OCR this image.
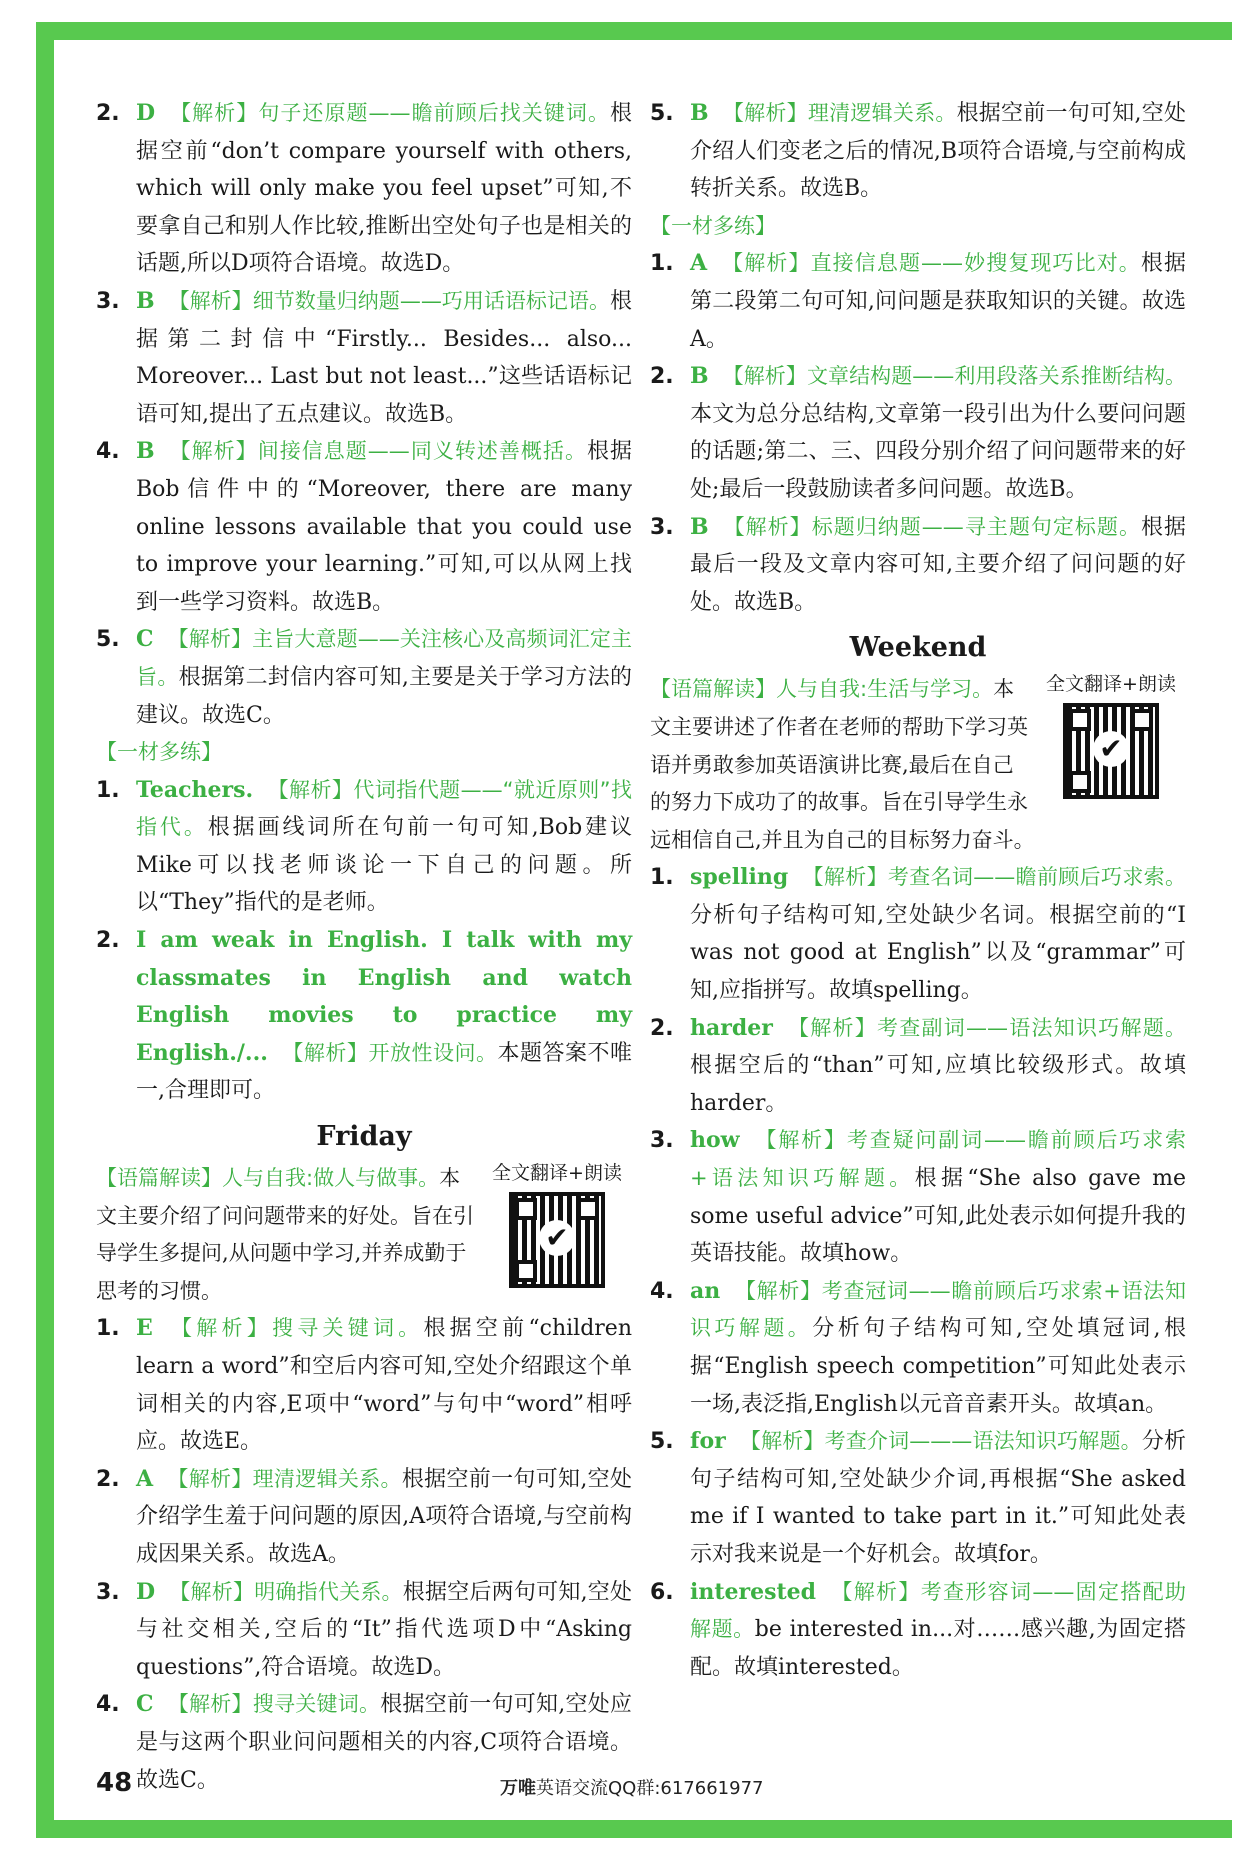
2. D 【解析】句子还原题——瞻前顾后找关键词。根据空前“don’t compare yourself with others, which will only make you feel upset”可知,不要拿自己和别人作比较,推断出空处句子也是相关的话题,所以D项符合语境。故选D。
3. B 【解析】细节数量归纳题——巧用话语标记语。根据第二封信中“Firstly... Besides... also... Moreover... Last but not least...”这些话语标记语可知,提出了五点建议。故选B。
4. B 【解析】间接信息题——同义转述善概括。根据Bob信件中的“Moreover, there are many online lessons available that you could use to improve your learning.”可知,可以从网上找到一些学习资料。故选B。
5. C 【解析】主旨大意题——关注核心及高频词汇定主旨。根据第二封信内容可知,主要是关于学习方法的建议。故选C。
【一材多练】
1. Teachers. 【解析】代词指代题——“就近原则”找指代。根据画线词所在句前一句可知,Bob建议Mike可以找老师谈论一下自己的问题。所以“They”指代的是老师。
2. I am weak in English. I talk with my classmates in English and watch English movies to practice my English./... 【解析】开放性设问。本题答案不唯一,合理即可。
Friday
全文翻译+朗读
✔
【语篇解读】人与自我:做人与做事。本文主要介绍了问问题带来的好处。旨在引导学生多提问,从问题中学习,并养成勤于思考的习惯。
1. E 【解析】搜寻关键词。根据空前“children learn a word”和空后内容可知,空处介绍跟这个单词相关的内容,E项中“word”与句中“word”相呼应。故选E。
2. A 【解析】理清逻辑关系。根据空前一句可知,空处介绍学生羞于问问题的原因,A项符合语境,与空前构成因果关系。故选A。
3. D 【解析】明确指代关系。根据空后两句可知,空处与社交相关,空后的“It”指代选项D中“Asking questions”,符合语境。故选D。
4. C 【解析】搜寻关键词。根据空前一句可知,空处应是与这两个职业问问题相关的内容,C项符合语境。故选C。
5. B 【解析】理清逻辑关系。根据空前一句可知,空处介绍人们变老之后的情况,B项符合语境,与空前构成转折关系。故选B。
【一材多练】
1. A 【解析】直接信息题——妙搜复现巧比对。根据第二段第二句可知,问问题是获取知识的关键。故选A。
2. B 【解析】文章结构题——利用段落关系推断结构。本文为总分总结构,文章第一段引出为什么要问问题的话题;第二、三、四段分别介绍了问问题带来的好处;最后一段鼓励读者多问问题。故选B。
3. B 【解析】标题归纳题——寻主题句定标题。根据最后一段及文章内容可知,主要介绍了问问题的好处。故选B。
Weekend
全文翻译+朗读
✔
【语篇解读】人与自我:生活与学习。本文主要讲述了作者在老师的帮助下学习英语并勇敢参加英语演讲比赛,最后在自己的努力下成功了的故事。旨在引导学生永远相信自己,并且为自己的目标努力奋斗。
1. spelling 【解析】考查名词——瞻前顾后巧求索。分析句子结构可知,空处缺少名词。根据空前的“I was not good at English”以及“grammar”可知,应指拼写。故填spelling。
2. harder 【解析】考查副词——语法知识巧解题。根据空后的“than”可知,应填比较级形式。故填harder。
3. how 【解析】考查疑问副词——瞻前顾后巧求索+语法知识巧解题。根据“She also gave me some useful advice”可知,此处表示如何提升我的英语技能。故填how。
4. an 【解析】考查冠词——瞻前顾后巧求索+语法知识巧解题。分析句子结构可知,空处填冠词,根据“English speech competition”可知此处表示一场,表泛指,English以元音音素开头。故填an。
5. for 【解析】考查介词———语法知识巧解题。分析句子结构可知,空处缺少介词,再根据“She asked me if I wanted to take part in it.”可知此处表示对我来说是一个好机会。故填for。
6. interested 【解析】考查形容词——固定搭配助解题。be interested in...对……感兴趣,为固定搭配。故填interested。
48	万唯英语交流QQ群:617661977
